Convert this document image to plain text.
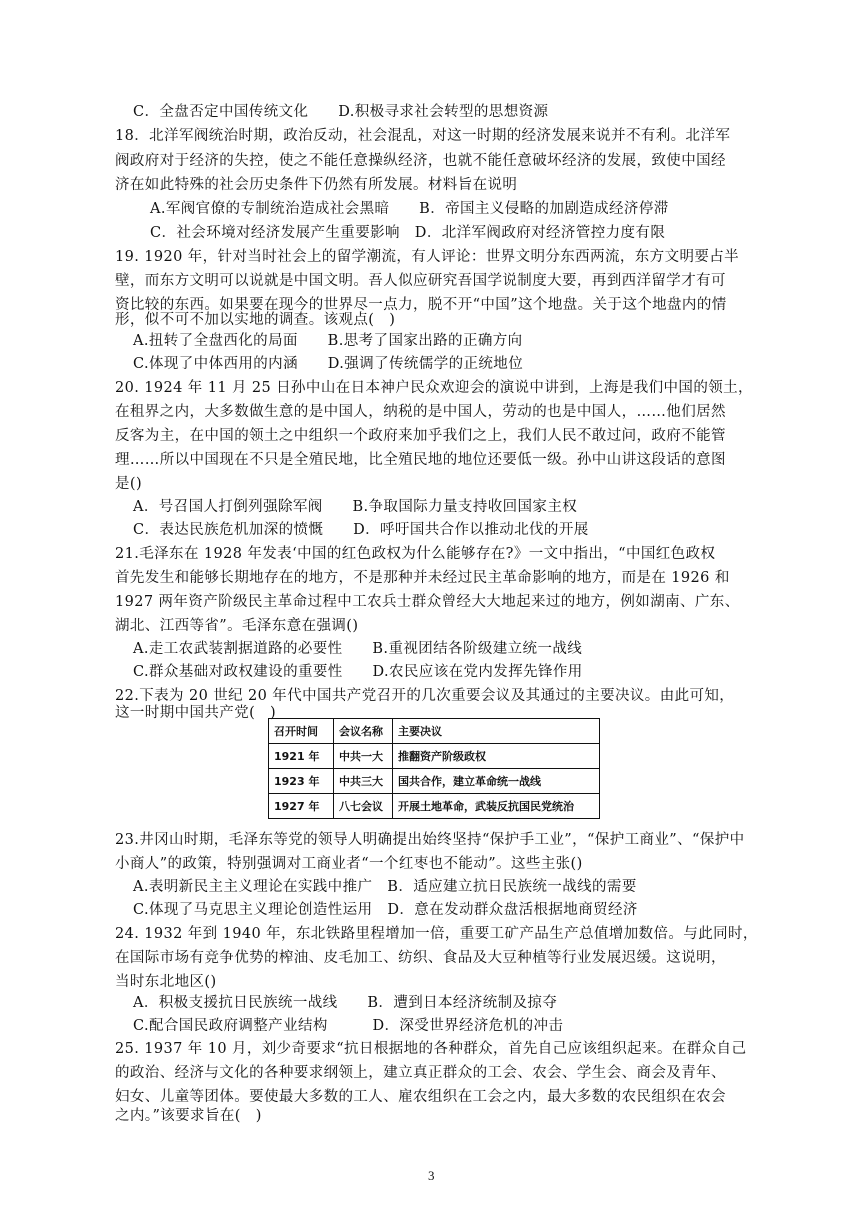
C．全盘否定中国传统文化　　D.积极寻求社会转型的思想资源
18．北洋军阀统治时期，政治反动，社会混乱，对这一时期的经济发展来说并不有利。北洋军
阀政府对于经济的失控，使之不能任意操纵经济，也就不能任意破坏经济的发展，致使中国经
济在如此特殊的社会历史条件下仍然有所发展。材料旨在说明
A.军阀官僚的专制统治造成社会黑暗　　B．帝国主义侵略的加剧造成经济停滞
C．社会环境对经济发展产生重要影响　D．北洋军阀政府对经济管控力度有限
19. 1920 年，针对当时社会上的留学潮流，有人评论：世界文明分东西两流，东方文明要占半
壁，而东方文明可以说就是中国文明。吾人似应研究吾国学说制度大要，再到西洋留学才有可
资比较的东西。如果要在现今的世界尽一点力，脱不开“中国”这个地盘。关于这个地盘内的情
形，似不可不加以实地的调查。该观点(　)
A.扭转了全盘西化的局面　　B.思考了国家出路的正确方向
C.体现了中体西用的内涵　　D.强调了传统儒学的正统地位
20. 1924 年 11 月 25 日孙中山在日本神户民众欢迎会的演说中讲到，上海是我们中国的领土，
在租界之内，大多数做生意的是中国人，纳税的是中国人，劳动的也是中国人，……他们居然
反客为主，在中国的领土之中组织一个政府来加乎我们之上，我们人民不敢过问，政府不能管
理……所以中国现在不只是全殖民地，比全殖民地的地位还要低一级。孙中山讲这段话的意图
是()
A．号召国人打倒列强除军阀　　B.争取国际力量支持收回国家主权
C．表达民族危机加深的愤慨　　D．呼吁国共合作以推动北伐的开展
21.毛泽东在 1928 年发表‘中国的红色政权为什么能够存在?》一文中指出，“中国红色政权
首先发生和能够长期地存在的地方，不是那种并未经过民主革命影响的地方，而是在 1926 和
1927 两年资产阶级民主革命过程中工农兵士群众曾经大大地起来过的地方，例如湖南、广东、
湖北、江西等省”。毛泽东意在强调()
A.走工农武装割据道路的必要性　　B.重视团结各阶级建立统一战线
C.群众基础对政权建设的重要性　　D.农民应该在党内发挥先锋作用
22.下表为 20 世纪 20 年代中国共产党召开的几次重要会议及其通过的主要决议。由此可知，
这一时期中国共产党(　)
召开时间	会议名称	主要决议
1921 年	中共一大	推翻资产阶级政权
1923 年	中共三大	国共合作，建立革命统一战线
1927 年	八七会议	开展土地革命，武装反抗国民党统治
23.井冈山时期，毛泽东等党的领导人明确提出始终坚持“保护手工业”，“保护工商业”、“保护中
小商人”的政策，特别强调对工商业者“一个红枣也不能动”。这些主张()
A.表明新民主主义理论在实践中推广　B．适应建立抗日民族统一战线的需要
C.体现了马克思主义理论创造性运用　D．意在发动群众盘活根据地商贸经济
24. 1932 年到 1940 年，东北铁路里程增加一倍，重要工矿产品生产总值增加数倍。与此同时，
在国际市场有竞争优势的榨油、皮毛加工、纺织、食品及大豆种植等行业发展迟缓。这说明，
当时东北地区()
A．积极支援抗日民族统一战线　　B．遭到日本经济统制及掠夺
C.配合国民政府调整产业结构　　　D．深受世界经济危机的冲击
25. 1937 年 10 月，刘少奇要求“抗日根据地的各种群众，首先自己应该组织起来。在群众自己
的政治、经济与文化的各种要求纲领上，建立真正群众的工会、农会、学生会、商会及青年、
妇女、儿童等团体。要使最大多数的工人、雇农组织在工会之内，最大多数的农民组织在农会
之内。”该要求旨在(　)
3
